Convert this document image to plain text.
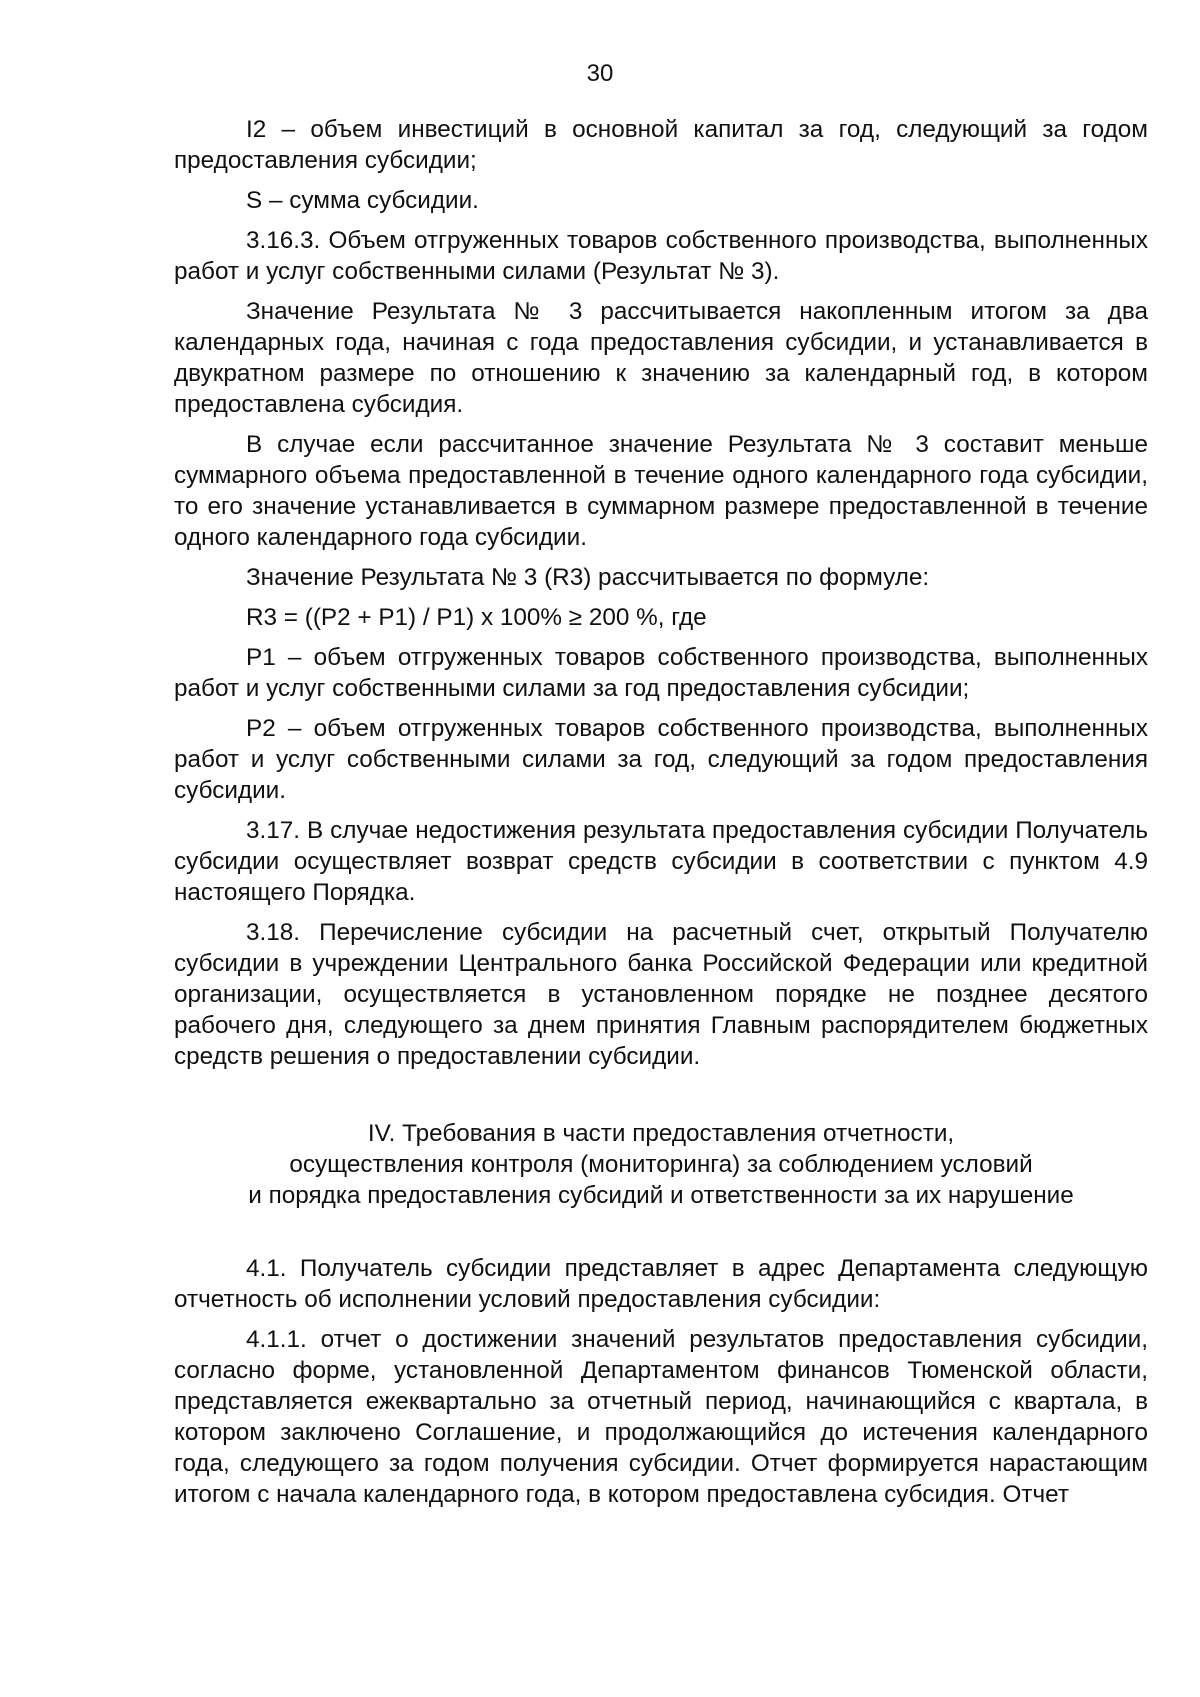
30

I2 – объем инвестиций в основной капитал за год, следующий за годом предоставления субсидии;

S – сумма субсидии.

3.16.3. Объем отгруженных товаров собственного производства, выполненных работ и услуг собственными силами (Результат № 3).

Значение Результата № 3 рассчитывается накопленным итогом за два календарных года, начиная с года предоставления субсидии, и устанавливается в двукратном размере по отношению к значению за календарный год, в котором предоставлена субсидия.

В случае если рассчитанное значение Результата № 3 составит меньше суммарного объема предоставленной в течение одного календарного года субсидии, то его значение устанавливается в суммарном размере предоставленной в течение одного календарного года субсидии.

Значение Результата № 3 (R3) рассчитывается по формуле:

R3 = ((Р2 + Р1) / Р1) х 100% ≥ 200 %, где

Р1 – объем отгруженных товаров собственного производства, выполненных работ и услуг собственными силами за год предоставления субсидии;

Р2 – объем отгруженных товаров собственного производства, выполненных работ и услуг собственными силами за год, следующий за годом предоставления субсидии.

3.17. В случае недостижения результата предоставления субсидии Получатель субсидии осуществляет возврат средств субсидии в соответствии с пунктом 4.9 настоящего Порядка.

3.18. Перечисление субсидии на расчетный счет, открытый Получателю субсидии в учреждении Центрального банка Российской Федерации или кредитной организации, осуществляется в установленном порядке не позднее десятого рабочего дня, следующего за днем принятия Главным распорядителем бюджетных средств решения о предоставлении субсидии.

IV. Требования в части предоставления отчетности,
осуществления контроля (мониторинга) за соблюдением условий
и порядка предоставления субсидий и ответственности за их нарушение

4.1. Получатель субсидии представляет в адрес Департамента следующую отчетность об исполнении условий предоставления субсидии:

4.1.1. отчет о достижении значений результатов предоставления субсидии, согласно форме, установленной Департаментом финансов Тюменской области, представляется ежеквартально за отчетный период, начинающийся с квартала, в котором заключено Соглашение, и продолжающийся до истечения календарного года, следующего за годом получения субсидии. Отчет формируется нарастающим итогом с начала календарного года, в котором предоставлена субсидия. Отчет
